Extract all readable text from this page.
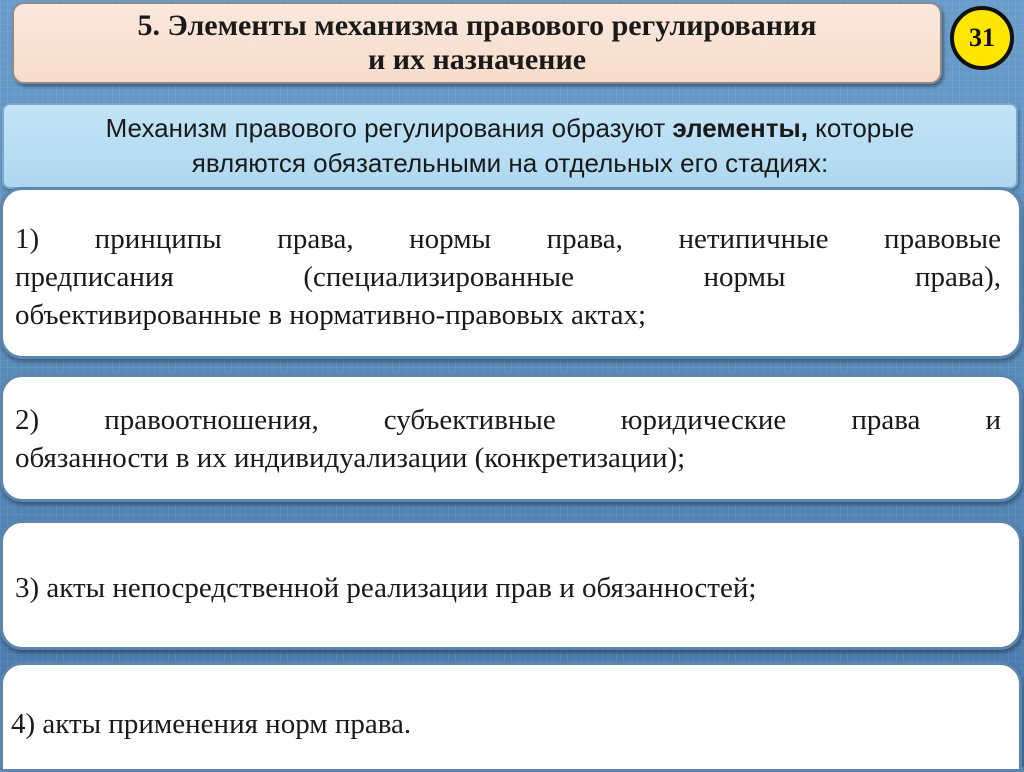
5. Элементы механизма правового регулирования
и их назначение
31
Механизм правового регулирования образуют элементы, которые
являются обязательными на отдельных его стадиях:
1) принципы права, нормы права, нетипичные правовые
предписания (специализированные нормы права),
объективированные в нормативно-правовых актах;
2) правоотношения, субъективные юридические права и
обязанности в их индивидуализации (конкретизации);
3) акты непосредственной реализации прав и обязанностей;
4) акты применения норм права.
